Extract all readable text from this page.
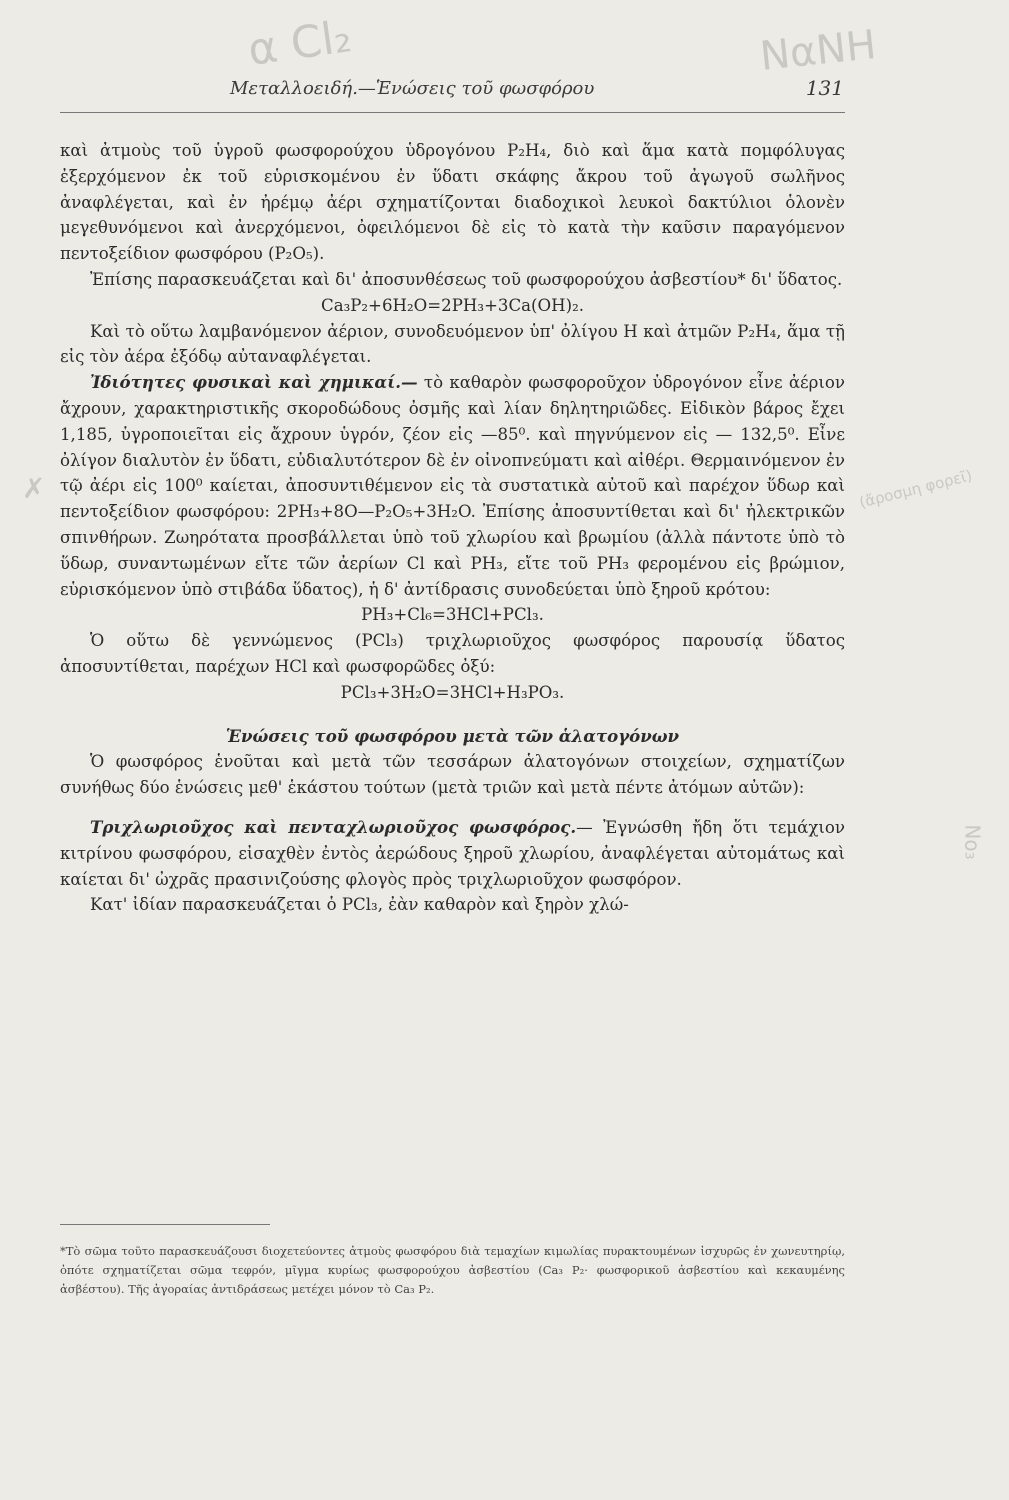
α Cl₂	ΝαΝΗ
✗	(ἄροσμη φορεῖ)
Νο₃
Μεταλλοειδή.—Ἑνώσεις τοῦ φωσφόρου	131

καὶ ἀτμοὺς τοῦ ὑγροῦ φωσφορούχου ὑδρογόνου P₂H₄, διὸ καὶ ἅμα κατὰ πομφόλυγας ἐξερχόμενον ἐκ τοῦ εὑρισκομένου ἐν ὕδατι σκάφης ἄκρου τοῦ ἀγωγοῦ σωλῆνος ἀναφλέγεται, καὶ ἐν ἠρέμῳ ἀέρι σχηματίζονται διαδοχικοὶ λευκοὶ δακτύλιοι ὁλονὲν μεγεθυνόμενοι καὶ ἀνερχόμενοι, ὀφειλόμενοι δὲ εἰς τὸ κατὰ τὴν καῦσιν παραγόμενον πεντοξείδιον φωσφόρου (P₂O₅).

Ἐπίσης παρασκευάζεται καὶ δι' ἀποσυνθέσεως τοῦ φωσφορούχου ἀσβεστίου* δι' ὕδατος.

Ca₃P₂+6H₂O=2PH₃+3Ca(OH)₂.

Καὶ τὸ οὕτω λαμβανόμενον ἀέριον, συνοδευόμενον ὑπ' ὀλίγου H καὶ ἀτμῶν P₂H₄, ἅμα τῇ εἰς τὸν ἀέρα ἐξόδῳ αὐταναφλέγεται.

Ἰδιότητες φυσικαὶ καὶ χημικαί.— τὸ καθαρὸν φωσφοροῦχον ὑδρογόνον εἶνε ἀέριον ἄχρουν, χαρακτηριστικῆς σκοροδώδους ὀσμῆς καὶ λίαν δηλητηριῶδες. Εἰδικὸν βάρος ἔχει 1,185, ὑγροποιεῖται εἰς ἄχρουν ὑγρόν, ζέον εἰς —85⁰. καὶ πηγνύμενον εἰς — 132,5⁰. Εἶνε ὀλίγον διαλυτὸν ἐν ὕδατι, εὐδιαλυτότερον δὲ ἐν οἰνοπνεύματι καὶ αἰθέρι. Θερμαινόμενον ἐν τῷ ἀέρι εἰς 100⁰ καίεται, ἀποσυντιθέμενον εἰς τὰ συστατικὰ αὐτοῦ καὶ παρέχον ὕδωρ καὶ πεντοξείδιον φωσφόρου: 2PH₃+8O—P₂O₅+3H₂O. Ἐπίσης ἀποσυντίθεται καὶ δι' ἠλεκτρικῶν σπινθήρων. Ζωηρότατα προσβάλλεται ὑπὸ τοῦ χλωρίου καὶ βρωμίου (ἀλλὰ πάντοτε ὑπὸ τὸ ὕδωρ, συναντωμένων εἴτε τῶν ἀερίων Cl καὶ PH₃, εἴτε τοῦ PH₃ φερομένου εἰς βρώμιον, εὑρισκόμενον ὑπὸ στιβάδα ὕδατος), ἡ δ' ἀντίδρασις συνοδεύεται ὑπὸ ξηροῦ κρότου:

PH₃+Cl₆=3HCl+PCl₃.

Ὁ οὕτω δὲ γεννώμενος (PCl₃) τριχλωριοῦχος φωσφόρος παρουσίᾳ ὕδατος ἀποσυντίθεται, παρέχων HCl καὶ φωσφορῶδες ὀξύ:

PCl₃+3H₂O=3HCl+H₃PO₃.

Ἑνώσεις τοῦ φωσφόρου μετὰ τῶν ἁλατογόνων

Ὁ φωσφόρος ἑνοῦται καὶ μετὰ τῶν τεσσάρων ἁλατογόνων στοιχείων, σχηματίζων συνήθως δύο ἑνώσεις μεθ' ἑκάστου τούτων (μετὰ τριῶν καὶ μετὰ πέντε ἀτόμων αὐτῶν):

Τριχλωριοῦχος καὶ πενταχλωριοῦχος φωσφόρος.— Ἐγνώσθη ἤδη ὅτι τεμάχιον κιτρίνου φωσφόρου, εἰσαχθὲν ἐντὸς ἀερώδους ξηροῦ χλωρίου, ἀναφλέγεται αὐτομάτως καὶ καίεται δι' ὠχρᾶς πρασινιζούσης φλογὸς πρὸς τριχλωριοῦχον φωσφόρον.

Κατ' ἰδίαν παρασκευάζεται ὁ PCl₃, ἐὰν καθαρὸν καὶ ξηρὸν χλώ-

*Τὸ σῶμα τοῦτο παρασκευάζουσι διοχετεύοντες ἀτμοὺς φωσφόρου διὰ τεμαχίων κιμωλίας πυρακτουμένων ἰσχυρῶς ἐν χωνευτηρίῳ, ὁπότε σχηματίζεται σῶμα τεφρόν, μῖγμα κυρίως φωσφορούχου ἀσβεστίου (Ca₃ P₂· φωσφορικοῦ ἀσβεστίου καὶ κεκαυμένης ἀσβέστου). Τῆς ἀγοραίας ἀντιδράσεως μετέχει μόνον τὸ Ca₃ P₂.
